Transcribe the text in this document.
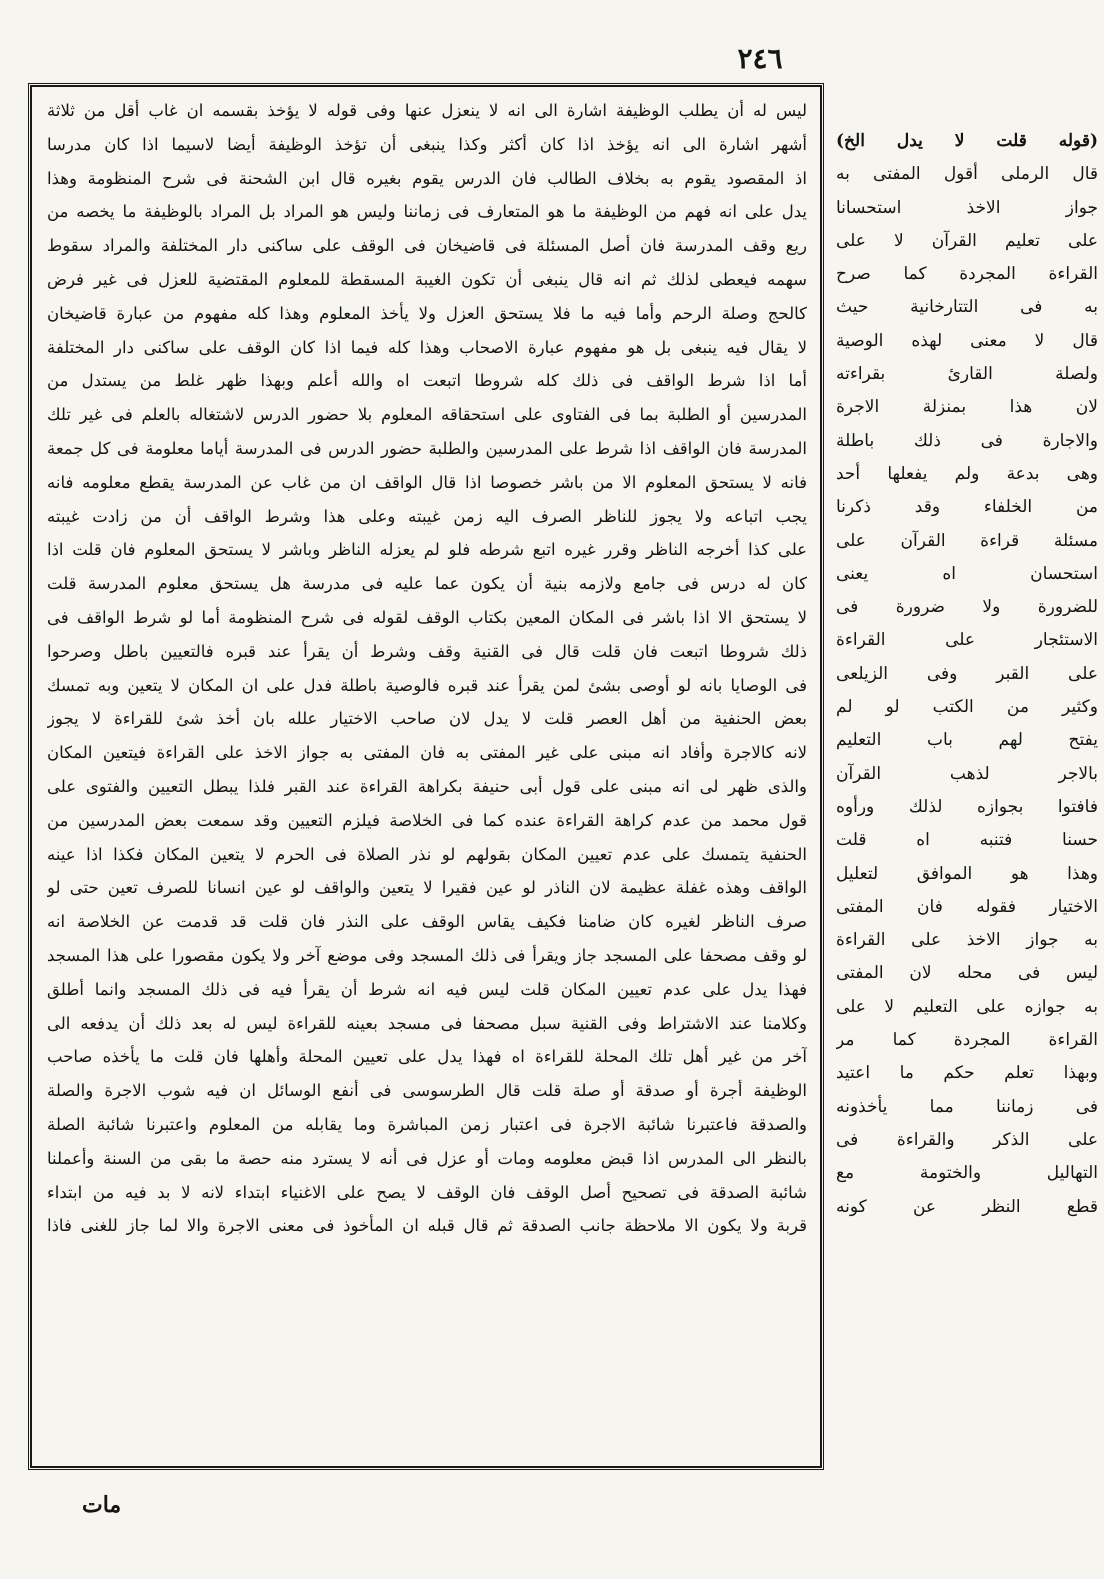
٢٤٦
ليس له أن يطلب الوظيفة اشارة الى انه لا ينعزل عنها وفى قوله لا يؤخذ بقسمه ان غاب أقل من ثلاثة
أشهر اشارة الى انه يؤخذ اذا كان أكثر وكذا ينبغى أن تؤخذ الوظيفة أيضا لاسيما اذا كان مدرسا
اذ المقصود يقوم به بخلاف الطالب فان الدرس يقوم بغيره قال ابن الشحنة فى شرح المنظومة وهذا
يدل على انه فهم من الوظيفة ما هو المتعارف فى زماننا وليس هو المراد بل المراد بالوظيفة ما يخصه من
ريع وقف المدرسة فان أصل المسئلة فى قاضيخان فى الوقف على ساكنى دار المختلفة والمراد سقوط
سهمه فيعطى لذلك ثم انه قال ينبغى أن تكون الغيبة المسقطة للمعلوم المقتضية للعزل فى غير فرض
كالحج وصلة الرحم وأما فيه ما فلا يستحق العزل ولا يأخذ المعلوم وهذا كله مفهوم من عبارة قاضيخان
لا يقال فيه ينبغى بل هو مفهوم عبارة الاصحاب وهذا كله فيما اذا كان الوقف على ساكنى دار المختلفة
أما اذا شرط الواقف فى ذلك كله شروطا اتبعت اه والله أعلم وبهذا ظهر غلط من يستدل من
المدرسين أو الطلبة بما فى الفتاوى على استحقاقه المعلوم بلا حضور الدرس لاشتغاله بالعلم فى غير تلك
المدرسة فان الواقف اذا شرط على المدرسين والطلبة حضور الدرس فى المدرسة أياما معلومة فى كل جمعة
فانه لا يستحق المعلوم الا من باشر خصوصا اذا قال الواقف ان من غاب عن المدرسة يقطع معلومه فانه
يجب اتباعه ولا يجوز للناظر الصرف اليه زمن غيبته وعلى هذا وشرط الواقف أن من زادت غيبته
على كذا أخرجه الناظر وقرر غيره اتبع شرطه فلو لم يعزله الناظر وباشر لا يستحق المعلوم فان قلت اذا
كان له درس فى جامع ولازمه بنية أن يكون عما عليه فى مدرسة هل يستحق معلوم المدرسة قلت
لا يستحق الا اذا باشر فى المكان المعين بكتاب الوقف لقوله فى شرح المنظومة أما لو شرط الواقف فى
ذلك شروطا اتبعت فان قلت قال فى القنية وقف وشرط أن يقرأ عند قبره فالتعيين باطل وصرحوا
فى الوصايا بانه لو أوصى بشئ لمن يقرأ عند قبره فالوصية باطلة فدل على ان المكان لا يتعين وبه تمسك
بعض الحنفية من أهل العصر قلت لا يدل لان صاحب الاختيار علله بان أخذ شئ للقراءة لا يجوز
لانه كالاجرة وأفاد انه مبنى على غير المفتى به فان المفتى به جواز الاخذ على القراءة فيتعين المكان
والذى ظهر لى انه مبنى على قول أبى حنيفة بكراهة القراءة عند القبر فلذا يبطل التعيين والفتوى على
قول محمد من عدم كراهة القراءة عنده كما فى الخلاصة فيلزم التعيين وقد سمعت بعض المدرسين من
الحنفية يتمسك على عدم تعيين المكان بقولهم لو نذر الصلاة فى الحرم لا يتعين المكان فكذا اذا عينه
الواقف وهذه غفلة عظيمة لان الناذر لو عين فقيرا لا يتعين والواقف لو عين انسانا للصرف تعين حتى لو
صرف الناظر لغيره كان ضامنا فكيف يقاس الوقف على النذر فان قلت قد قدمت عن الخلاصة انه
لو وقف مصحفا على المسجد جاز ويقرأ فى ذلك المسجد وفى موضع آخر ولا يكون مقصورا على هذا المسجد
فهذا يدل على عدم تعيين المكان قلت ليس فيه انه شرط أن يقرأ فيه فى ذلك المسجد وانما أطلق
وكلامنا عند الاشتراط وفى القنية سبل مصحفا فى مسجد بعينه للقراءة ليس له بعد ذلك أن يدفعه الى
آخر من غير أهل تلك المحلة للقراءة اه فهذا يدل على تعيين المحلة وأهلها فان قلت ما يأخذه صاحب
الوظيفة أجرة أو صدقة أو صلة قلت قال الطرسوسى فى أنفع الوسائل ان فيه شوب الاجرة والصلة
والصدقة فاعتبرنا شائبة الاجرة فى اعتبار زمن المباشرة وما يقابله من المعلوم واعتبرنا شائبة الصلة
بالنظر الى المدرس اذا قبض معلومه ومات أو عزل فى أنه لا يسترد منه حصة ما بقى من السنة وأعملنا
شائبة الصدقة فى تصحيح أصل الوقف فان الوقف لا يصح على الاغنياء ابتداء لانه لا بد فيه من ابتداء
قربة ولا يكون الا ملاحظة جانب الصدقة ثم قال قبله ان المأخوذ فى معنى الاجرة والا لما جاز للغنى فاذا
(قوله قلت لا يدل الخ)
قال الرملى أقول المفتى به
جواز الاخذ استحسانا
على تعليم القرآن لا على
القراءة المجردة كما صرح
به فى التتارخانية حيث
قال لا معنى لهذه الوصية
ولصلة القارئ بقراءته
لان هذا بمنزلة الاجرة
والاجارة فى ذلك باطلة
وهى بدعة ولم يفعلها أحد
من الخلفاء وقد ذكرنا
مسئلة قراءة القرآن على
استحسان اه يعنى
للضرورة ولا ضرورة فى
الاستئجار على القراءة
على القبر وفى الزيلعى
وكثير من الكتب لو لم
يفتح لهم باب التعليم
بالاجر لذهب القرآن
فافتوا بجوازه لذلك ورأوه
حسنا فتنبه اه قلت
وهذا هو الموافق لتعليل
الاختيار فقوله فان المفتى
به جواز الاخذ على القراءة
ليس فى محله لان المفتى
به جوازه على التعليم لا على
القراءة المجردة كما مر
وبهذا تعلم حكم ما اعتيد
فى زماننا مما يأخذونه
على الذكر والقراءة فى
التهاليل والختومة مع
قطع النظر عن كونه
مات
